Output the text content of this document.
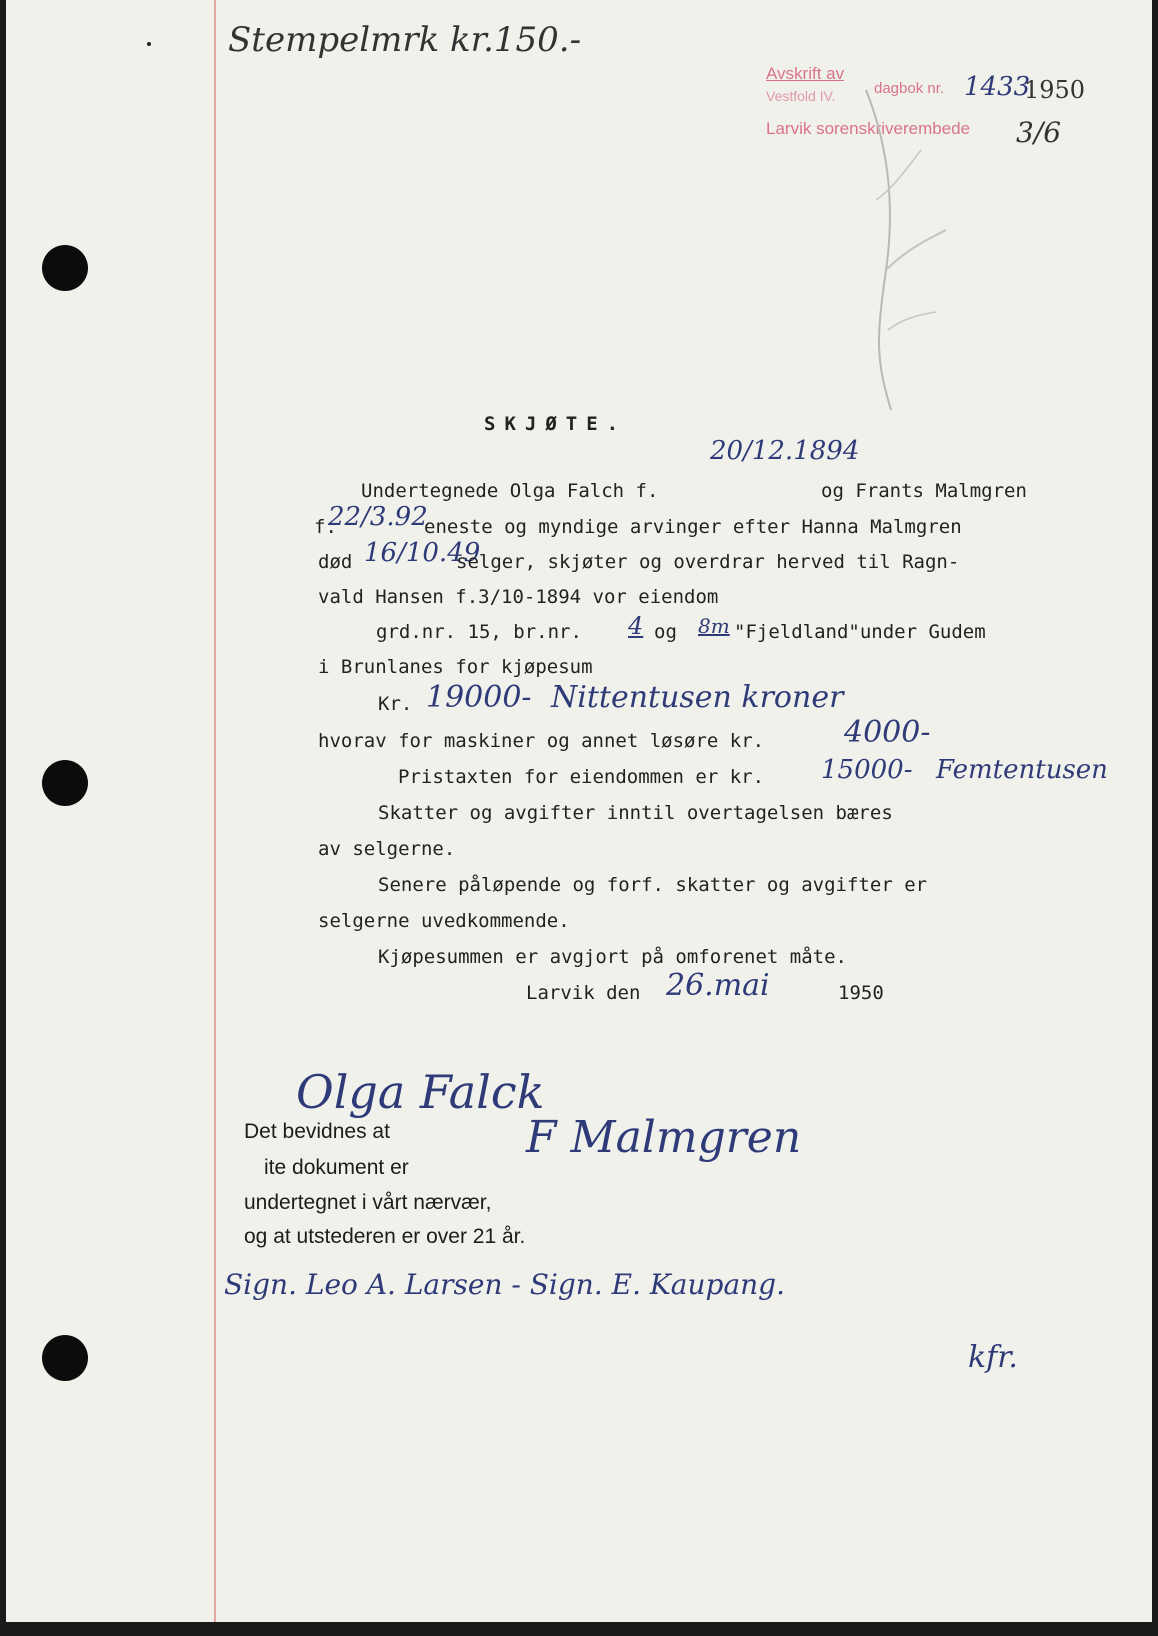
Stempelmrk kr.150.-
Avskrift av
dagbok nr. 1433
1950
Vestfold IV.
Larvik sorenskriverembede 3/6
SKJØTE.
20/12.1894
Undertegnede Olga Falch f.	og Frants Malmgren
f.
22/3.92
eneste og myndige arvinger efter Hanna Malmgren
død 16/10.49
selger, skjøter og overdrar herved til Ragn-
vald Hansen f.3/10-1894 vor eiendom
grd.nr. 15, br.nr. 4 og 8m "Fjeldland"under Gudem
i Brunlanes for kjøpesum
Kr. 19000- Nittentusen kroner
hvorav for maskiner og annet løsøre kr.	4000-
Pristaxten for eiendommen er kr. 15000- Femtentusen
Skatter og avgifter inntil overtagelsen bæres
av selgerne.
Senere påløpende og forf. skatter og avgifter er
selgerne uvedkommende.
Kjøpesummen er avgjort på omforenet måte.
Larvik den 26.mai	1950
Olga Falck
F Malmgren
Det bevidnes at
ite dokument er
undertegnet i vårt nærvær,
og at utstederen er over 21 år.
Sign. Leo A. Larsen - Sign. E. Kaupang.
kfr.
